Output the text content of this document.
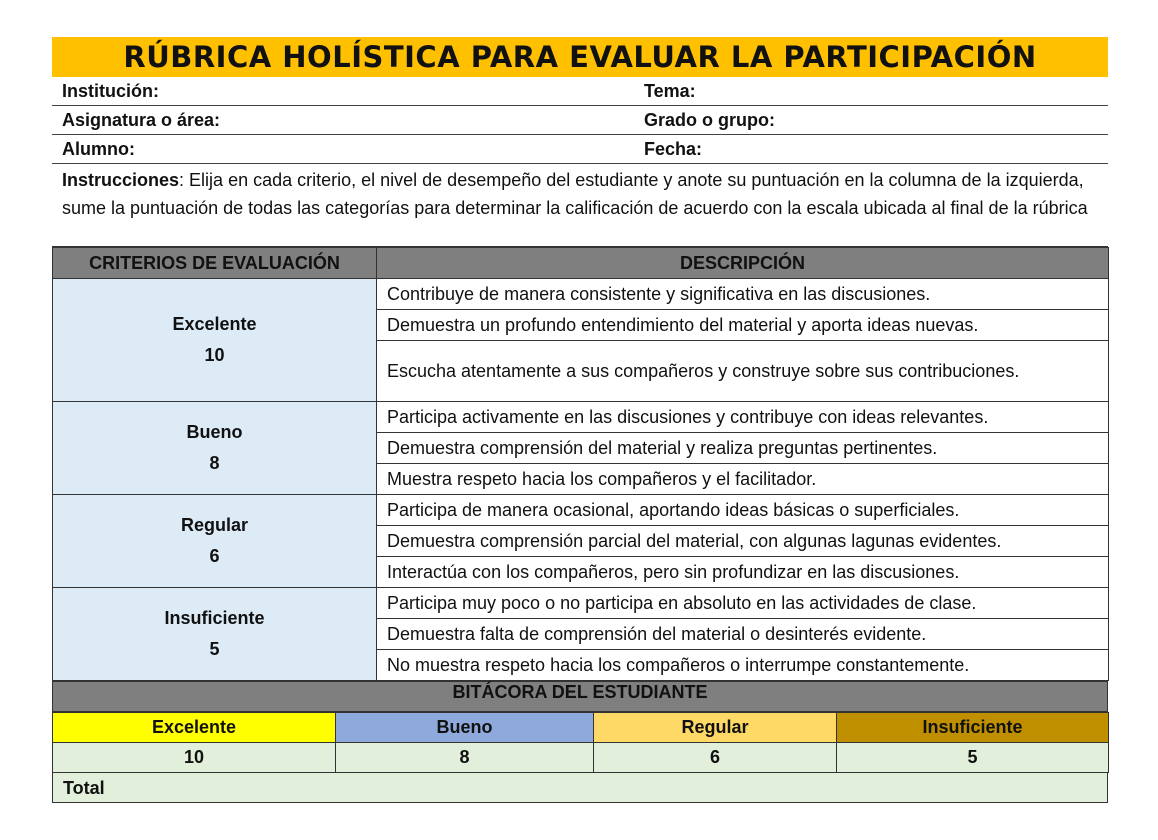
RÚBRICA HOLÍSTICA PARA EVALUAR LA PARTICIPACIÓN
Institución:	Tema:
Asignatura o área:	Grado o grupo:
Alumno:	Fecha:
Instrucciones: Elija en cada criterio, el nivel de desempeño del estudiante y anote su puntuación en la columna de la izquierda, sume la puntuación de todas las categorías para determinar la calificación de acuerdo con la escala ubicada al final de la rúbrica
CRITERIOS DE EVALUACIÓN	DESCRIPCIÓN

Excelente
10	Contribuye de manera consistente y significativa en las discusiones.
	Demuestra un profundo entendimiento del material y aporta ideas nuevas.
	Escucha atentamente a sus compañeros y construye sobre sus contribuciones.

Bueno
8	Participa activamente en las discusiones y contribuye con ideas relevantes.
	Demuestra comprensión del material y realiza preguntas pertinentes.
	Muestra respeto hacia los compañeros y el facilitador.

Regular
6	Participa de manera ocasional, aportando ideas básicas o superficiales.
	Demuestra comprensión parcial del material, con algunas lagunas evidentes.
	Interactúa con los compañeros, pero sin profundizar en las discusiones.

Insuficiente
5	Participa muy poco o no participa en absoluto en las actividades de clase.
	Demuestra falta de comprensión del material o desinterés evidente.
	No muestra respeto hacia los compañeros o interrumpe constantemente.
BITÁCORA DEL ESTUDIANTE
Excelente	Bueno	Regular	Insuficiente
10	8	6	5
Total
